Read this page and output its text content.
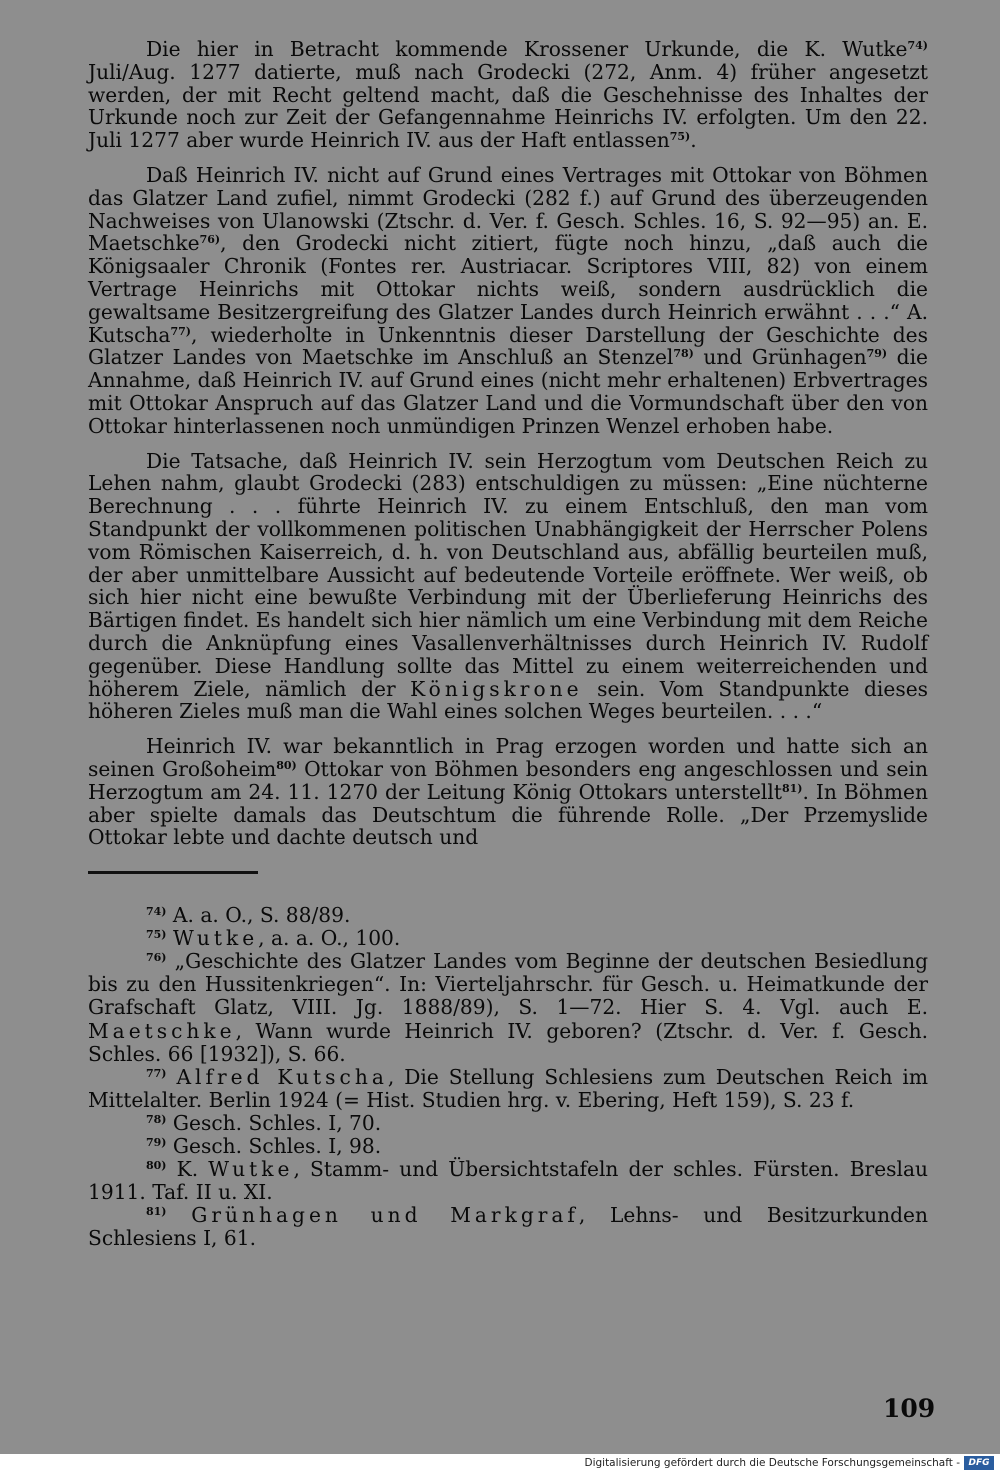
Die hier in Betracht kommende Krossener Urkunde, die K. Wutke$^{74)}$ Juli/Aug. 1277 datierte, muß nach Grodecki (272, Anm. 4) früher angesetzt werden, der mit Recht geltend macht, daß die Geschehnisse des Inhaltes der Urkunde noch zur Zeit der Gefangennahme Heinrichs IV. erfolgten. Um den 22. Juli 1277 aber wurde Heinrich IV. aus der Haft entlassen$^{75)}$.

Daß Heinrich IV. nicht auf Grund eines Vertrages mit Ottokar von Böhmen das Glatzer Land zufiel, nimmt Grodecki (282 f.) auf Grund des überzeugenden Nachweises von Ulanowski (Ztschr. d. Ver. f. Gesch. Schles. 16, S. 92—95) an. E. Maetschke$^{76)}$, den Grodecki nicht zitiert, fügte noch hinzu, „daß auch die Königsaaler Chronik (Fontes rer. Austriacar. Scriptores VIII, 82) von einem Vertrage Heinrichs mit Ottokar nichts weiß, sondern ausdrücklich die gewaltsame Besitzergreifung des Glatzer Landes durch Heinrich erwähnt . . .“ A. Kutscha$^{77)}$, wiederholte in Unkenntnis dieser Darstellung der Geschichte des Glatzer Landes von Maetschke im Anschluß an Stenzel$^{78)}$ und Grünhagen$^{79)}$ die Annahme, daß Heinrich IV. auf Grund eines (nicht mehr erhaltenen) Erbvertrages mit Ottokar Anspruch auf das Glatzer Land und die Vormundschaft über den von Ottokar hinterlassenen noch unmündigen Prinzen Wenzel erhoben habe.

Die Tatsache, daß Heinrich IV. sein Herzogtum vom Deutschen Reich zu Lehen nahm, glaubt Grodecki (283) entschuldigen zu müssen: „Eine nüchterne Berechnung . . . führte Heinrich IV. zu einem Entschluß, den man vom Standpunkt der vollkommenen politischen Unabhängigkeit der Herrscher Polens vom Römischen Kaiserreich, d. h. von Deutschland aus, abfällig beurteilen muß, der aber unmittelbare Aussicht auf bedeutende Vorteile eröffnete. Wer weiß, ob sich hier nicht eine bewußte Verbindung mit der Überlieferung Heinrichs des Bärtigen findet. Es handelt sich hier nämlich um eine Verbindung mit dem Reiche durch die Anknüpfung eines Vasallenverhältnisses durch Heinrich IV. Rudolf gegenüber. Diese Handlung sollte das Mittel zu einem weiterreichenden und höherem Ziele, nämlich der Königskrone sein. Vom Standpunkte dieses höheren Zieles muß man die Wahl eines solchen Weges beurteilen. . . .“

Heinrich IV. war bekanntlich in Prag erzogen worden und hatte sich an seinen Großoheim$^{80)}$ Ottokar von Böhmen besonders eng angeschlossen und sein Herzogtum am 24. 11. 1270 der Leitung König Ottokars unterstellt$^{81)}$. In Böhmen aber spielte damals das Deutschtum die führende Rolle. „Der Przemyslide Ottokar lebte und dachte deutsch und

$^{74)}$ A. a. O., S. 88/89.

$^{75)}$ Wutke, a. a. O., 100.

$^{76)}$ „Geschichte des Glatzer Landes vom Beginne der deutschen Besiedlung bis zu den Hussitenkriegen“. In: Vierteljahrschr. für Gesch. u. Heimatkunde der Grafschaft Glatz, VIII. Jg. 1888/89), S. 1—72. Hier S. 4. Vgl. auch E. Maetschke, Wann wurde Heinrich IV. geboren? (Ztschr. d. Ver. f. Gesch. Schles. 66 [1932]), S. 66.

$^{77)}$ Alfred Kutscha, Die Stellung Schlesiens zum Deutschen Reich im Mittelalter. Berlin 1924 (= Hist. Studien hrg. v. Ebering, Heft 159), S. 23 f.

$^{78)}$ Gesch. Schles. I, 70.

$^{79)}$ Gesch. Schles. I, 98.

$^{80)}$ K. Wutke, Stamm- und Übersichtstafeln der schles. Fürsten. Breslau 1911. Taf. II u. XI.

$^{81)}$ Grünhagen und Markgraf, Lehns- und Besitzurkunden Schlesiens I, 61.

109
Digitalisierung gefördert durch die Deutsche Forschungsgemeinschaft - DFG
